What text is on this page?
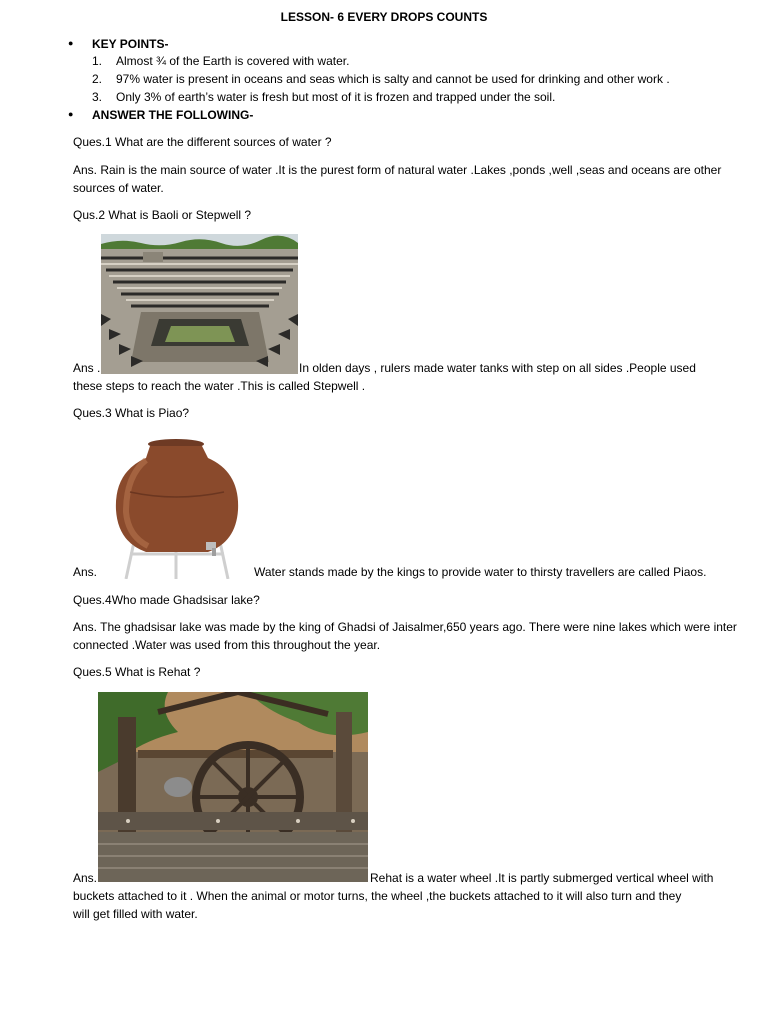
LESSON- 6 EVERY DROPS COUNTS
● KEY POINTS-
1. Almost ¾ of the Earth is covered with water.
2. 97% water is present in oceans and seas which is salty and cannot be used for drinking and other work .
3. Only 3% of earth’s water is fresh but most of it is frozen and trapped under the soil.
● ANSWER THE FOLLOWING-
Ques.1 What are the different sources of water ?
Ans. Rain is the main source of water .It is the purest form of natural water .Lakes ,ponds ,well ,seas and oceans are other sources of water.
Qus.2 What is Baoli or Stepwell ?
Ans .	In olden days , rulers made water tanks with step on all sides .People used
these steps to reach the water .This is called Stepwell .
Ques.3 What is Piao?
Ans.	Water stands made by the kings to provide water to thirsty travellers are called Piaos.
Ques.4Who made Ghadsisar lake?
Ans. The ghadsisar lake was made by the king of Ghadsi of Jaisalmer,650 years ago. There were nine lakes which were inter connected .Water was used from this throughout the year.
Ques.5 What is Rehat ?
Ans.	Rehat is a water wheel .It is partly submerged vertical wheel with
buckets attached to it . When the animal or motor turns, the wheel ,the buckets attached to it will also turn and they
will get filled with water.
